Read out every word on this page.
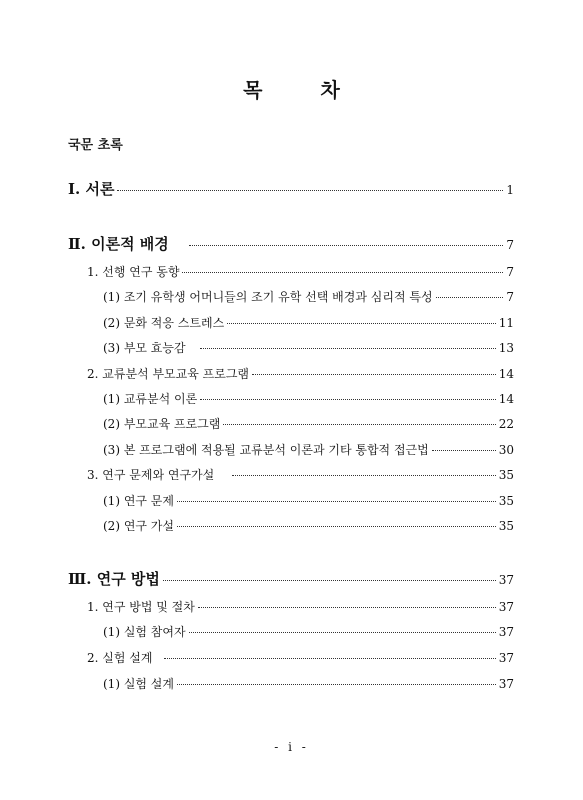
목	차

국문 초록

Ⅰ. 서론	1
Ⅱ. 이론적 배경	7
1. 선행 연구 동향	7
(1) 조기 유학생 어머니들의 조기 유학 선택 배경과 심리적 특성	7
(2) 문화 적응 스트레스	11
(3) 부모 효능감	13
2. 교류분석 부모교육 프로그램	14
(1) 교류분석 이론	14
(2) 부모교육 프로그램	22
(3) 본 프로그램에 적용될 교류분석 이론과 기타 통합적 접근법	30
3. 연구 문제와 연구가설	35
(1) 연구 문제	35
(2) 연구 가설	35
Ⅲ. 연구 방법	37
1. 연구 방법 및 절차	37
(1) 실험 참여자	37
2. 실험 설계	37
(1) 실험 설계	37

- i -
